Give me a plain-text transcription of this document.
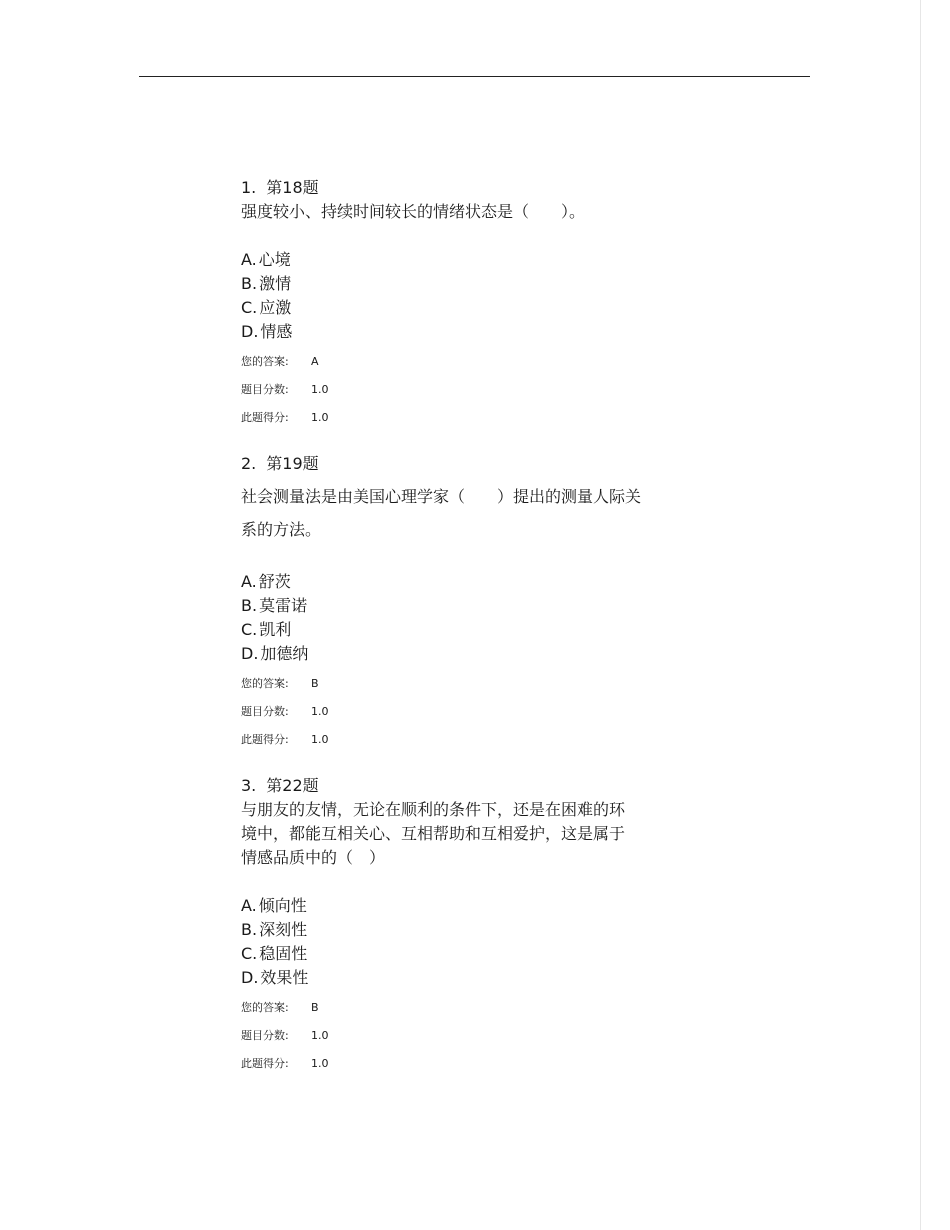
1. 第18题
强度较小、持续时间较长的情绪状态是（　　）。
A. 心境
B. 激情
C. 应激
D. 情感
您的答案: A
题目分数: 1.0
此题得分: 1.0
2. 第19题
社会测量法是由美国心理学家（　　）提出的测量人际关
系的方法。
A. 舒茨
B. 莫雷诺
C. 凯利
D. 加德纳
您的答案: B
题目分数: 1.0
此题得分: 1.0
3. 第22题
与朋友的友情，无论在顺利的条件下，还是在困难的环
境中，都能互相关心、互相帮助和互相爱护，这是属于
情感品质中的（　）
A. 倾向性
B. 深刻性
C. 稳固性
D. 效果性
您的答案: B
题目分数: 1.0
此题得分: 1.0
